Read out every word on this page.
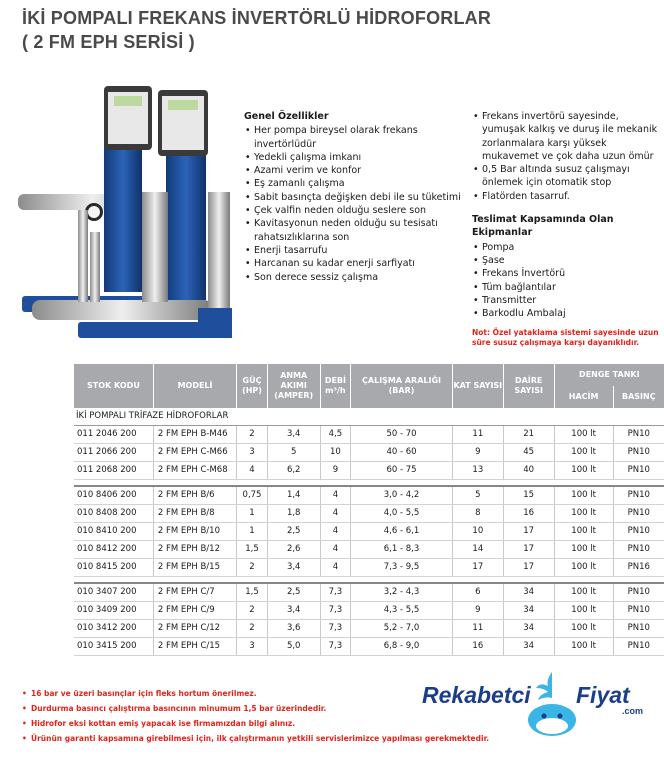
İKİ POMPALI FREKANS İNVERTÖRLÜ HİDROFORLAR
( 2 FM EPH SERİSİ )
Genel Özellikler
• Her pompa bireysel olarak frekans invertörlüdür
• Yedekli çalışma imkanı
• Azami verim ve konfor
• Eş zamanlı çalışma
• Sabit basınçta değişken debi ile su tüketimi
• Çek valfin neden olduğu seslere son
• Kavitasyonun neden olduğu su tesisatı rahatsızlıklarına son
• Enerji tasarrufu
• Harcanan su kadar enerji sarfiyatı
• Son derece sessiz çalışma
• Frekans invertörü sayesinde, yumuşak kalkış ve duruş ile mekanik zorlanmalara karşı yüksek mukavemet ve çok daha uzun ömür
• 0,5 Bar altında susuz çalışmayı önlemek için otomatik stop
• Flatörden tasarruf.
Teslimat Kapsamında Olan Ekipmanlar
• Pompa
• Şase
• Frekans İnvertörü
• Tüm bağlantılar
• Transmitter
• Barkodlu Ambalaj

Not: Özel yataklama sistemi sayesinde uzun süre susuz çalışmaya karşı dayanıklıdır.

STOK KODU	MODELİ	GÜÇ (HP)	ANMA AKIMI (AMPER)	DEBİ m³/h	ÇALIŞMA ARALIĞI (BAR)	KAT SAYISI	DAİRE SAYISI	DENGE TANKI	
								HACİM	BASINÇ
İKİ POMPALI TRİFAZE HİDROFORLAR									
011 2046 200	2 FM EPH B-M46	2	3,4	4,5	50 - 70	11	21	100 lt	PN10
011 2066 200	2 FM EPH C-M66	3	5	10	40 - 60	9	45	100 lt	PN10
011 2068 200	2 FM EPH C-M68	4	6,2	9	60 - 75	13	40	100 lt	PN10

010 8406 200	2 FM EPH B/6	0,75	1,4	4	3,0 - 4,2	5	15	100 lt	PN10
010 8408 200	2 FM EPH B/8	1	1,8	4	4,0 - 5,5	8	16	100 lt	PN10
010 8410 200	2 FM EPH B/10	1	2,5	4	4,6 - 6,1	10	17	100 lt	PN10
010 8412 200	2 FM EPH B/12	1,5	2,6	4	6,1 - 8,3	14	17	100 lt	PN10
010 8415 200	2 FM EPH B/15	2	3,4	4	7,3 - 9,5	17	17	100 lt	PN16

010 3407 200	2 FM EPH C/7	1,5	2,5	7,3	3,2 - 4,3	6	34	100 lt	PN10
010 3409 200	2 FM EPH C/9	2	3,4	7,3	4,3 - 5,5	9	34	100 lt	PN10
010 3412 200	2 FM EPH C/12	2	3,6	7,3	5,2 - 7,0	11	34	100 lt	PN10
010 3415 200	2 FM EPH C/15	3	5,0	7,3	6,8 - 9,0	16	34	100 lt	PN10
• 16 bar ve üzeri basınçlar için fleks hortum önerilmez.
• Durdurma basıncı çalıştırma basıncının minumum 1,5 bar üzerindedir.
• Hidrofor eksi kottan emiş yapacak ise firmamızdan bilgi alınız.
• Ürünün garanti kapsamına girebilmesi için, ilk çalıştırmanın yetkili servislerimizce yapılması gerekmektedir.
Rekabetci Fiyat
.com
